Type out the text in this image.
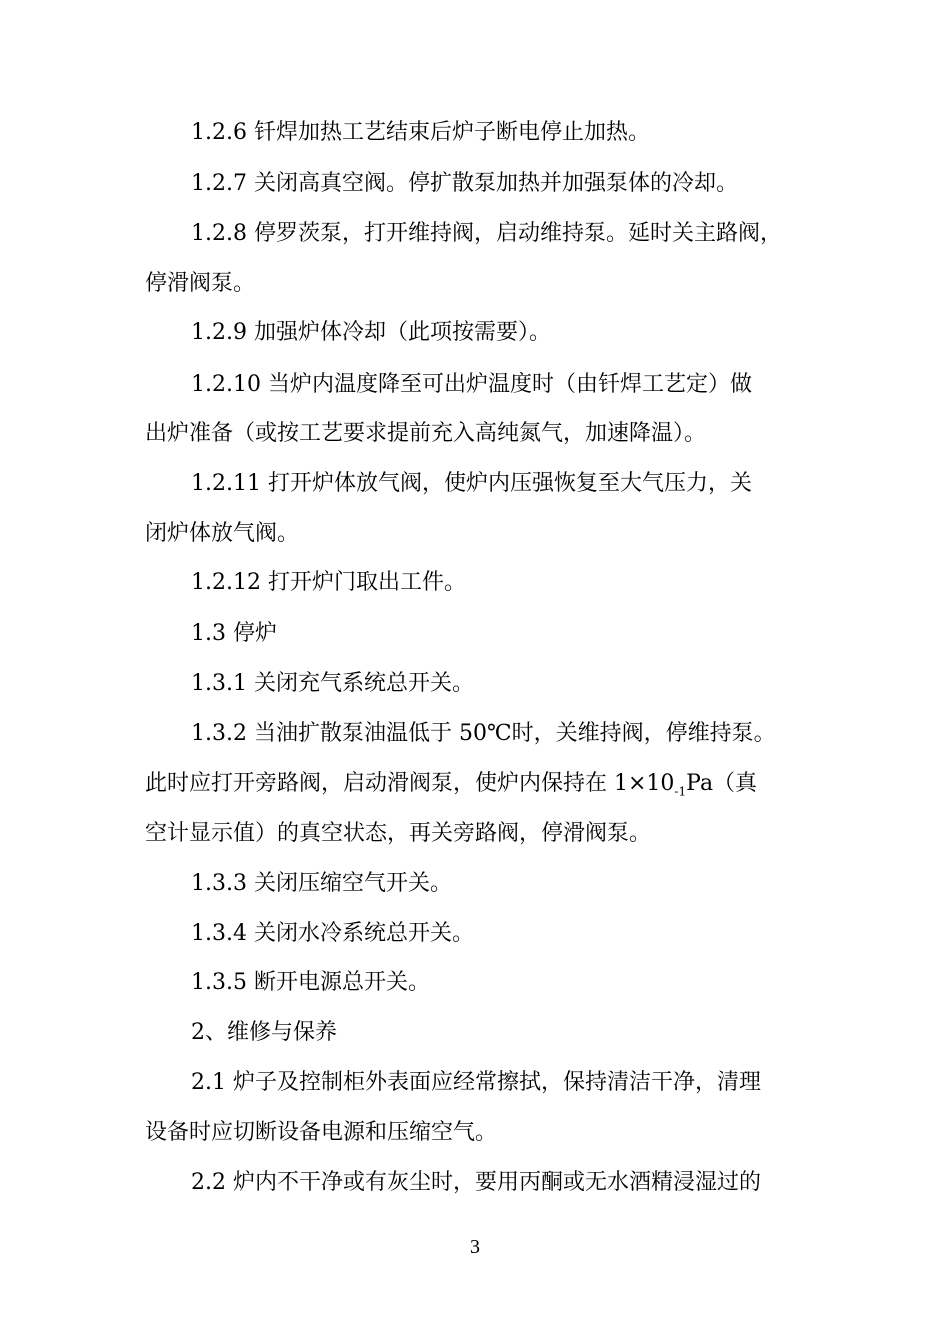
1.2.6 钎焊加热工艺结束后炉子断电停止加热。
1.2.7 关闭高真空阀。停扩散泵加热并加强泵体的冷却。
1.2.8 停罗茨泵，打开维持阀，启动维持泵。延时关主路阀，
停滑阀泵。
1.2.9 加强炉体冷却（此项按需要）。
1.2.10 当炉内温度降至可出炉温度时（由钎焊工艺定）做
出炉准备（或按工艺要求提前充入高纯氮气，加速降温）。
1.2.11 打开炉体放气阀，使炉内压强恢复至大气压力，关
闭炉体放气阀。
1.2.12 打开炉门取出工件。
1.3 停炉
1.3.1 关闭充气系统总开关。
1.3.2 当油扩散泵油温低于 50℃时，关维持阀，停维持泵。
此时应打开旁路阀，启动滑阀泵，使炉内保持在 $1\times 10_{-1}Pa$（真
空计显示值）的真空状态，再关旁路阀，停滑阀泵。
1.3.3 关闭压缩空气开关。
1.3.4 关闭水冷系统总开关。
1.3.5 断开电源总开关。
2、维修与保养
2.1 炉子及控制柜外表面应经常擦拭，保持清洁干净，清理
设备时应切断设备电源和压缩空气。
2.2 炉内不干净或有灰尘时，要用丙酮或无水酒精浸湿过的
3
